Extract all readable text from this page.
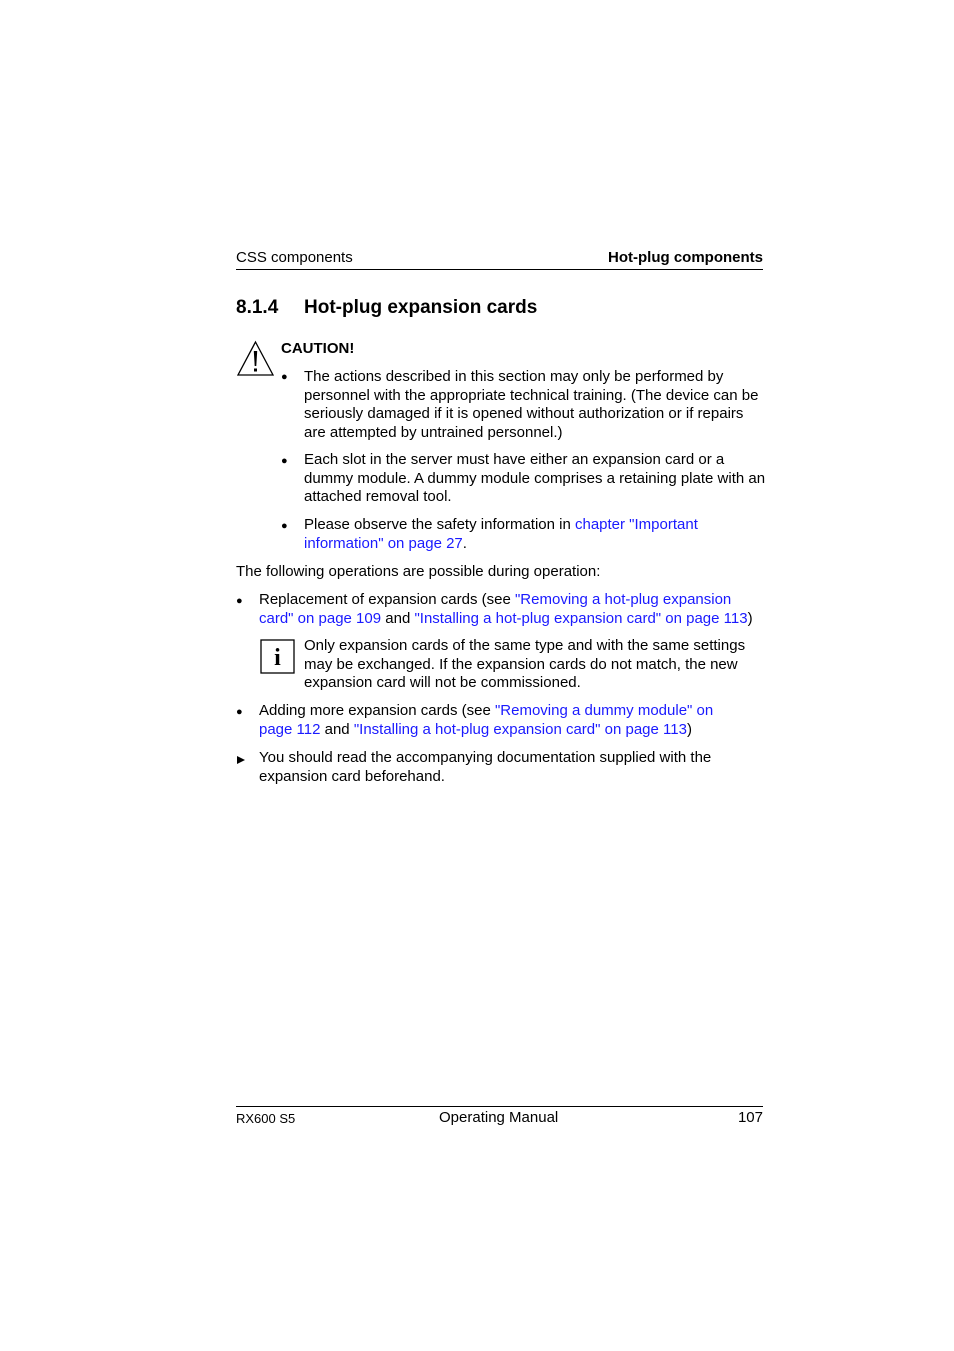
CSS components	Hot-plug components
8.1.4 Hot-plug expansion cards
CAUTION!
● The actions described in this section may only be performed by personnel with the appropriate technical training. (The device can be seriously damaged if it is opened without authorization or if repairs are attempted by untrained personnel.)
● Each slot in the server must have either an expansion card or a dummy module. A dummy module comprises a retaining plate with an attached removal tool.
● Please observe the safety information in chapter "Important information" on page 27.
The following operations are possible during operation:
● Replacement of expansion cards (see "Removing a hot-plug expansion card" on page 109 and "Installing a hot-plug expansion card" on page 113)
i Only expansion cards of the same type and with the same settings may be exchanged. If the expansion cards do not match, the new expansion card will not be commissioned.
● Adding more expansion cards (see "Removing a dummy module" on page 112 and "Installing a hot-plug expansion card" on page 113)
You should read the accompanying documentation supplied with the expansion card beforehand.
RX600 S5	Operating Manual	107
